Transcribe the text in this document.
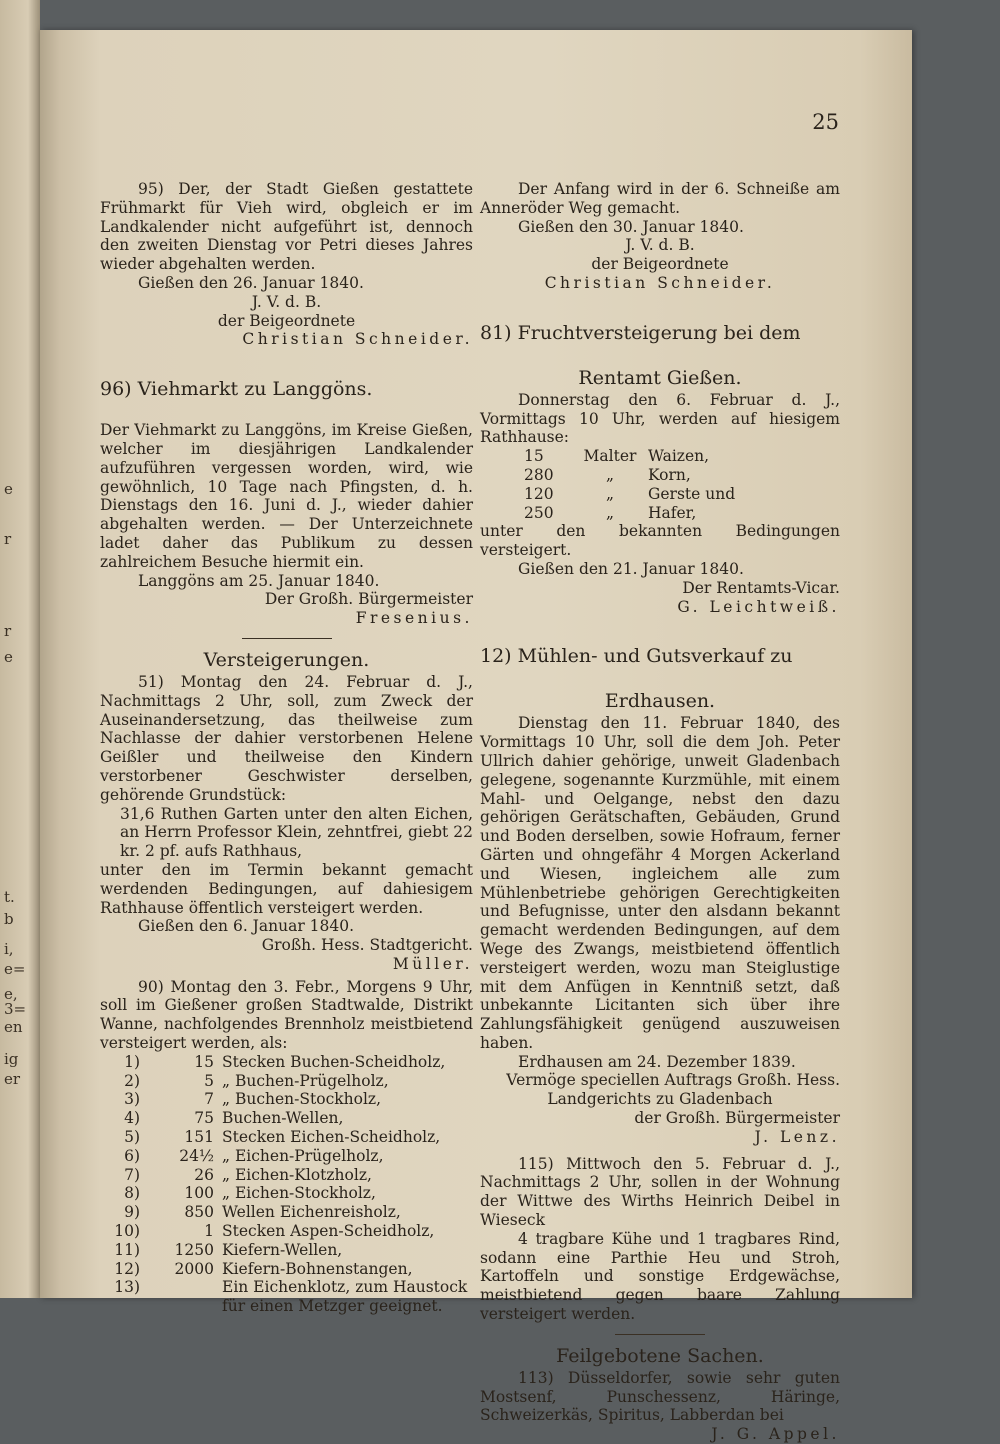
e
r
r
e
t.
b
i,
e=
e,
3=
en
ig
er
25

95) Der, der Stadt Gießen gestattete Frühmarkt für Vieh wird, obgleich er im Landkalender nicht aufgeführt ist, dennoch den zweiten Dienstag vor Petri dieses Jahres wieder abgehalten werden.

Gießen den 26. Januar 1840.

J. V. d. B.

der Beigeordnete

Christian Schneider.

96) Viehmarkt zu Langgöns.

Der Viehmarkt zu Langgöns, im Kreise Gießen, welcher im diesjährigen Landkalender aufzuführen vergessen worden, wird, wie gewöhnlich, 10 Tage nach Pfingsten, d. h. Dienstags den 16. Juni d. J., wieder dahier abgehalten werden. — Der Unterzeichnete ladet daher das Publikum zu dessen zahlreichem Besuche hiermit ein.

Langgöns am 25. Januar 1840.

Der Großh. Bürgermeister

Fresenius.

Versteigerungen.

51) Montag den 24. Februar d. J., Nachmittags 2 Uhr, soll, zum Zweck der Auseinandersetzung, das theilweise zum Nachlasse der dahier verstorbenen Helene Geißler und theilweise den Kindern verstorbener Geschwister derselben, gehörende Grundstück:

31,6 Ruthen Garten unter den alten Eichen, an Herrn Professor Klein, zehntfrei, giebt 22 kr. 2 pf. aufs Rathhaus,

unter den im Termin bekannt gemacht werdenden Bedingungen, auf dahiesigem Rathhause öffentlich versteigert werden.

Gießen den 6. Januar 1840.

Großh. Hess. Stadtgericht.

Müller.

90) Montag den 3. Febr., Morgens 9 Uhr, soll im Gießener großen Stadtwalde, Distrikt Wanne, nachfolgendes Brennholz meistbietend versteigert werden, als:

1)	15 Stecken Buchen-Scheidholz,
2)	5 „ Buchen-Prügelholz,
3)	7 „ Buchen-Stockholz,
4)	75 Buchen-Wellen,
5)	151 Stecken Eichen-Scheidholz,
6)	24½ „ Eichen-Prügelholz,
7)	26 „ Eichen-Klotzholz,
8)	100 „ Eichen-Stockholz,
9)	850 Wellen Eichenreisholz,
10)	1 Stecken Aspen-Scheidholz,
11)	1250 Kiefern-Wellen,
12)	2000 Kiefern-Bohnenstangen,
13)	Ein Eichenklotz, zum Haustock für einen Metzger geeignet.

Der Anfang wird in der 6. Schneiße am Anneröder Weg gemacht.

Gießen den 30. Januar 1840.

J. V. d. B.

der Beigeordnete

Christian Schneider.

81) Fruchtversteigerung bei dem

Rentamt Gießen.

Donnerstag den 6. Februar d. J., Vormittags 10 Uhr, werden auf hiesigem Rathhause:

15	Malter Waizen,
280	„	Korn,
120	„	Gerste und
250	„	Hafer,

unter den bekannten Bedingungen versteigert.

Gießen den 21. Januar 1840.

Der Rentamts-Vicar.

G. Leichtweiß.

12) Mühlen- und Gutsverkauf zu

Erdhausen.

Dienstag den 11. Februar 1840, des Vormittags 10 Uhr, soll die dem Joh. Peter Ullrich dahier gehörige, unweit Gladenbach gelegene, sogenannte Kurzmühle, mit einem Mahl- und Oelgange, nebst den dazu gehörigen Gerätschaften, Gebäuden, Grund und Boden derselben, sowie Hofraum, ferner Gärten und ohngefähr 4 Morgen Ackerland und Wiesen, ingleichem alle zum Mühlenbetriebe gehörigen Gerechtigkeiten und Befugnisse, unter den alsdann bekannt gemacht werdenden Bedingungen, auf dem Wege des Zwangs, meistbietend öffentlich versteigert werden, wozu man Steiglustige mit dem Anfügen in Kenntniß setzt, daß unbekannte Licitanten sich über ihre Zahlungsfähigkeit genügend auszuweisen haben.

Erdhausen am 24. Dezember 1839.

Vermöge speciellen Auftrags Großh. Hess.

Landgerichts zu Gladenbach

der Großh. Bürgermeister

J. Lenz.

115) Mittwoch den 5. Februar d. J., Nachmittags 2 Uhr, sollen in der Wohnung der Wittwe des Wirths Heinrich Deibel in Wieseck

4 tragbare Kühe und 1 tragbares Rind, sodann eine Parthie Heu und Stroh, Kartoffeln und sonstige Erdgewächse, meistbietend gegen baare Zahlung versteigert werden.

Feilgebotene Sachen.

113) Düsseldorfer, sowie sehr guten Mostsenf, Punschessenz, Häringe, Schweizerkäs, Spiritus, Labberdan bei

J. G. Appel.
